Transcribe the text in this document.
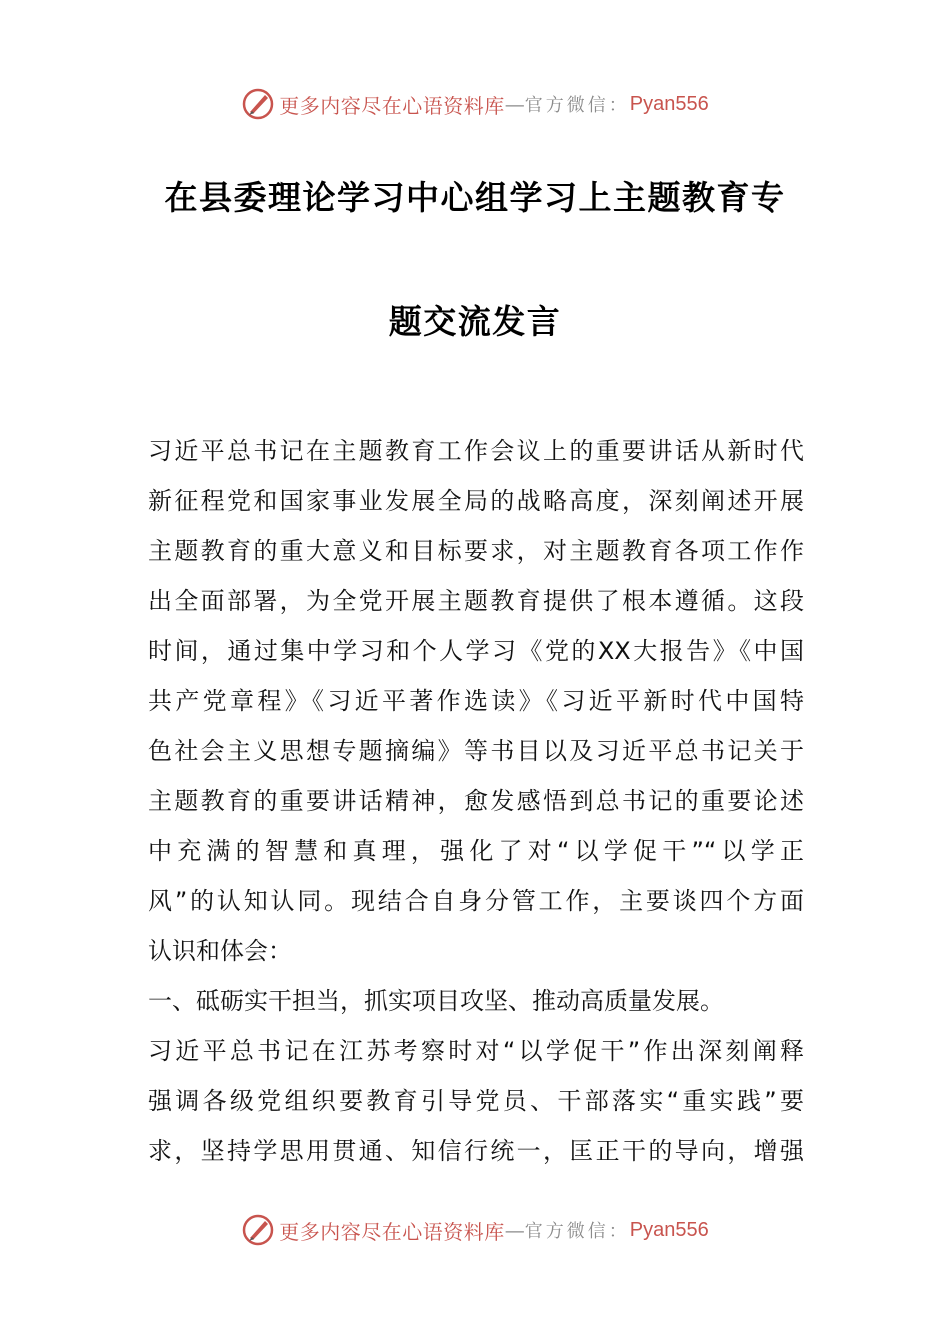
更多内容尽在心语资料库 — 官方微信： Pyan556
在县委理论学习中心组学习上主题教育专
题交流发言
习近平总书记在主题教育工作会议上的重要讲话从新时代
新征程党和国家事业发展全局的战略高度，深刻阐述开展
主题教育的重大意义和目标要求，对主题教育各项工作作
出全面部署，为全党开展主题教育提供了根本遵循。这段
时间，通过集中学习和个人学习《党的XX大报告》《中国
共产党章程》《习近平著作选读》《习近平新时代中国特
色社会主义思想专题摘编》等书目以及习近平总书记关于
主题教育的重要讲话精神，愈发感悟到总书记的重要论述
中充满的智慧和真理，强化了对“以学促干”“以学正
风”的认知认同。现结合自身分管工作，主要谈四个方面
认识和体会：
一、砥砺实干担当，抓实项目攻坚、推动高质量发展。
习近平总书记在江苏考察时对“以学促干”作出深刻阐释
强调各级党组织要教育引导党员、干部落实“重实践”要
求，坚持学思用贯通、知信行统一，匡正干的导向，增强
更多内容尽在心语资料库 — 官方微信： Pyan556
